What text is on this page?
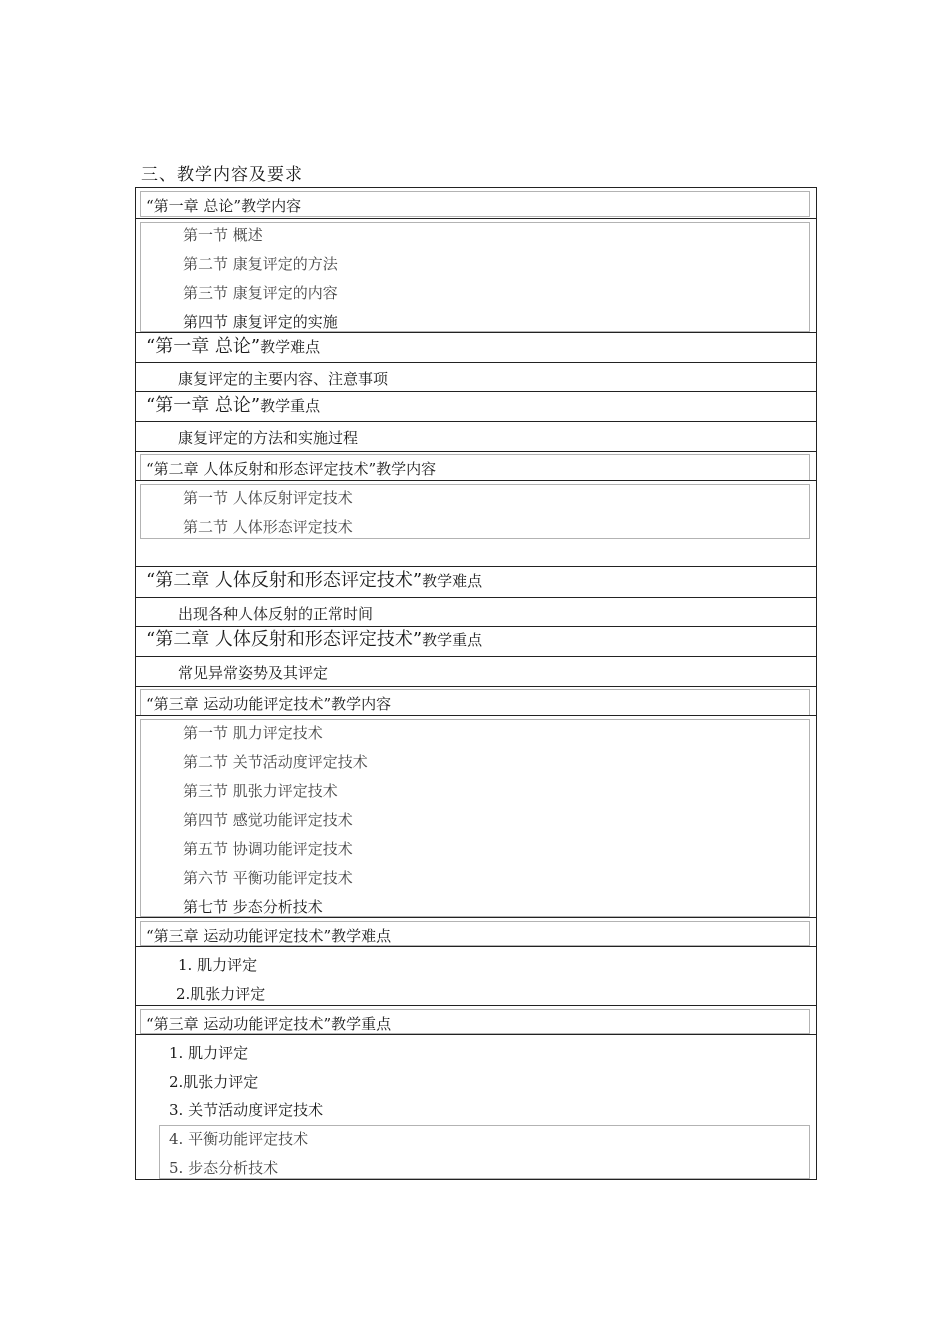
三、教学内容及要求
“第一章 总论”教学内容
第一节 概述
第二节 康复评定的方法
第三节 康复评定的内容
第四节 康复评定的实施
“第一章 总论”教学难点
康复评定的主要内容、注意事项
“第一章 总论”教学重点
康复评定的方法和实施过程
“第二章 人体反射和形态评定技术”教学内容
第一节 人体反射评定技术
第二节 人体形态评定技术
“第二章 人体反射和形态评定技术”教学难点
出现各种人体反射的正常时间
“第二章 人体反射和形态评定技术”教学重点
常见异常姿势及其评定
“第三章 运动功能评定技术”教学内容
第一节 肌力评定技术
第二节 关节活动度评定技术
第三节 肌张力评定技术
第四节 感觉功能评定技术
第五节 协调功能评定技术
第六节 平衡功能评定技术
第七节 步态分析技术
“第三章 运动功能评定技术”教学难点
1. 肌力评定
2.肌张力评定
“第三章 运动功能评定技术”教学重点
1. 肌力评定
2.肌张力评定
3. 关节活动度评定技术
4. 平衡功能评定技术
5. 步态分析技术
